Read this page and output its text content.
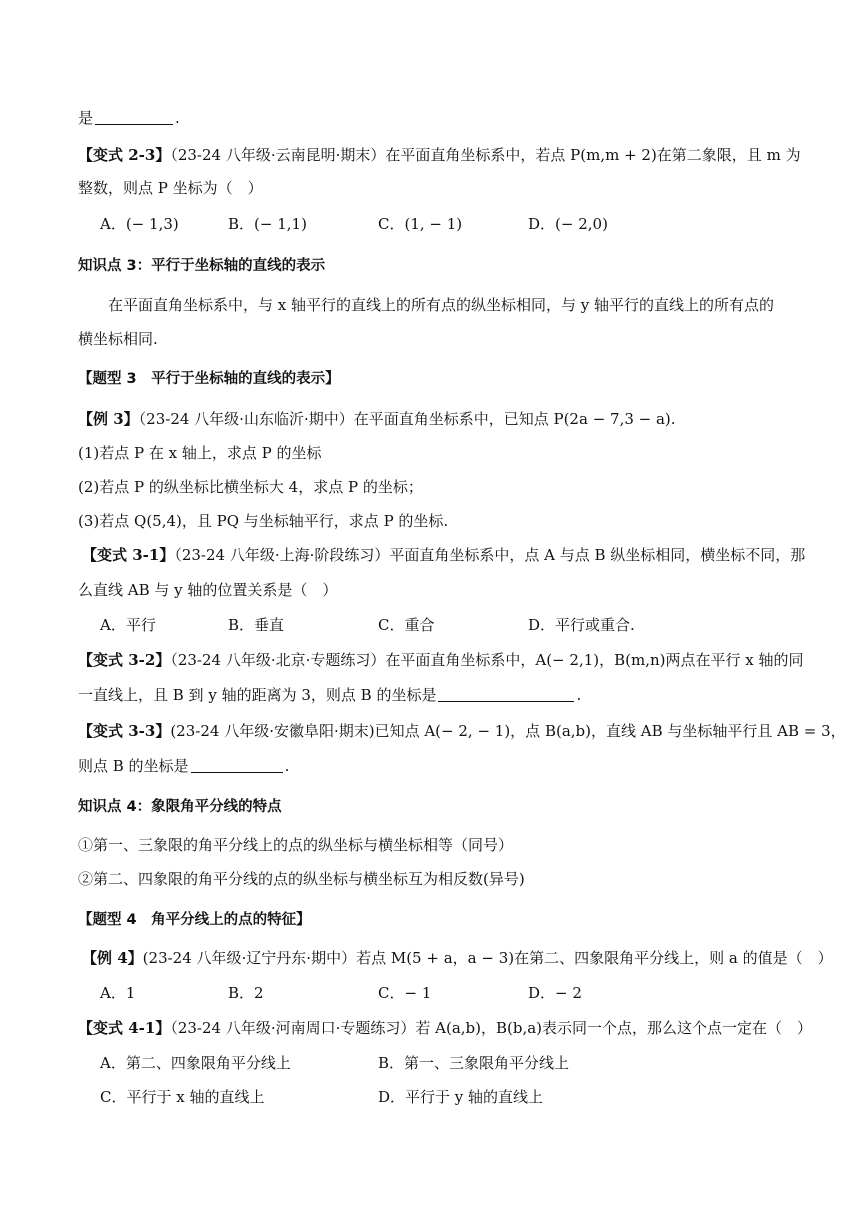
是	.
【变式 2-3】（23-24 八年级·云南昆明·期末）在平面直角坐标系中，若点 P(m,m + 2)在第二象限，且 m 为
整数，则点 P 坐标为（　）
A．(− 1,3)	B．(− 1,1)	C．(1, − 1)	D．(− 2,0)
知识点 3：平行于坐标轴的直线的表示
在平面直角坐标系中，与 x 轴平行的直线上的所有点的纵坐标相同，与 y 轴平行的直线上的所有点的
横坐标相同.
【题型 3　平行于坐标轴的直线的表示】
【例 3】（23-24 八年级·山东临沂·期中）在平面直角坐标系中，已知点 P(2a − 7,3 − a).
(1)若点 P 在 x 轴上，求点 P 的坐标
(2)若点 P 的纵坐标比横坐标大 4，求点 P 的坐标；
(3)若点 Q(5,4)，且 PQ 与坐标轴平行，求点 P 的坐标.
【变式 3-1】（23-24 八年级·上海·阶段练习）平面直角坐标系中，点 A 与点 B 纵坐标相同，横坐标不同，那
么直线 AB 与 y 轴的位置关系是（　）
A．平行	B．垂直	C．重合	D．平行或重合.
【变式 3-2】（23-24 八年级·北京·专题练习）在平面直角坐标系中，A(− 2,1)，B(m,n)两点在平行 x 轴的同
一直线上，且 B 到 y 轴的距离为 3，则点 B 的坐标是	.
【变式 3-3】(23-24 八年级·安徽阜阳·期末)已知点 A(− 2, − 1)，点 B(a,b)，直线 AB 与坐标轴平行且 AB = 3，
则点 B 的坐标是	.
知识点 4：象限角平分线的特点
①第一、三象限的角平分线上的点的纵坐标与横坐标相等（同号）
②第二、四象限的角平分线的点的纵坐标与横坐标互为相反数(异号)
【题型 4　角平分线上的点的特征】
【例 4】(23-24 八年级·辽宁丹东·期中）若点 M(5 + a，a − 3)在第二、四象限角平分线上，则 a 的值是（　）
A．1	B．2	C．− 1	D．− 2
【变式 4-1】（23-24 八年级·河南周口·专题练习）若 A(a,b)，B(b,a)表示同一个点，那么这个点一定在（　）
A．第二、四象限角平分线上	B．第一、三象限角平分线上
C．平行于 x 轴的直线上	D．平行于 y 轴的直线上
